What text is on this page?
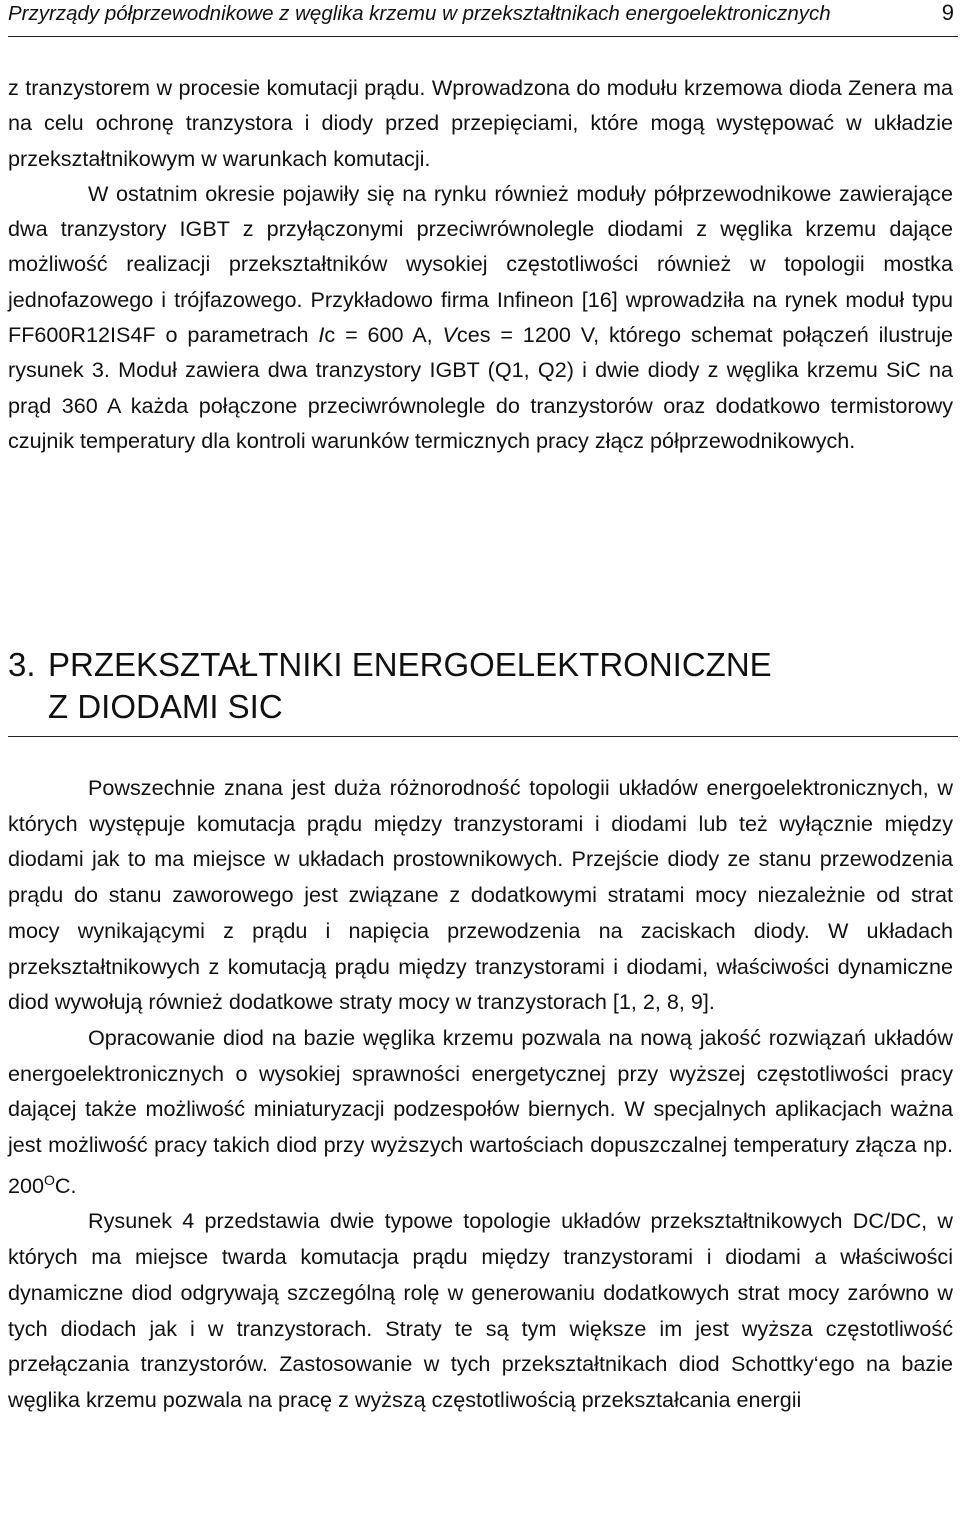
Przyrządy półprzewodnikowe z węglika krzemu w przekształtnikach energoelektronicznych	9

z tranzystorem w procesie komutacji prądu. Wprowadzona do modułu krzemowa dioda Zenera ma na celu ochronę tranzystora i diody przed przepięciami, które mogą występować w układzie przekształtnikowym w warunkach komutacji.

W ostatnim okresie pojawiły się na rynku również moduły półprzewodnikowe zawierające dwa tranzystory IGBT z przyłączonymi przeciwrównolegle diodami z węglika krzemu dające możliwość realizacji przekształtników wysokiej częstotliwości również w topologii mostka jednofazowego i trójfazowego. Przykładowo firma Infineon [16] wprowadziła na rynek moduł typu FF600R12IS4F o parametrach Ic = 600 A, Vces = 1200 V, którego schemat połączeń ilustruje rysunek 3. Moduł zawiera dwa tranzystory IGBT (Q1, Q2) i dwie diody z węglika krzemu SiC na prąd 360 A każda połączone przeciwrównolegle do tranzystorów oraz dodatkowo termistorowy czujnik temperatury dla kontroli warunków termicznych pracy złącz półprzewodnikowych.

3. PRZEKSZTAŁTNIKI ENERGOELEKTRONICZNE
Z DIODAMI SIC

Powszechnie znana jest duża różnorodność topologii układów energoelektronicznych, w których występuje komutacja prądu między tranzystorami i diodami lub też wyłącznie między diodami jak to ma miejsce w układach prostownikowych. Przejście diody ze stanu przewodzenia prądu do stanu zaworowego jest związane z dodatkowymi stratami mocy niezależnie od strat mocy wynikającymi z prądu i napięcia przewodzenia na zaciskach diody. W układach przekształtnikowych z komutacją prądu między tranzystorami i diodami, właściwości dynamiczne diod wywołują również dodatkowe straty mocy w tranzystorach [1, 2, 8, 9].

Opracowanie diod na bazie węglika krzemu pozwala na nową jakość rozwiązań układów energoelektronicznych o wysokiej sprawności energetycznej przy wyższej częstotliwości pracy dającej także możliwość miniaturyzacji podzespołów biernych. W specjalnych aplikacjach ważna jest możliwość pracy takich diod przy wyższych wartościach dopuszczalnej temperatury złącza np. $200^OC$.

Rysunek 4 przedstawia dwie typowe topologie układów przekształtnikowych DC/DC, w których ma miejsce twarda komutacja prądu między tranzystorami i diodami a właściwości dynamiczne diod odgrywają szczególną rolę w generowaniu dodatkowych strat mocy zarówno w tych diodach jak i w tranzystorach. Straty te są tym większe im jest wyższa częstotliwość przełączania tranzystorów. Zastosowanie w tych przekształtnikach diod Schottky‘ego na bazie węglika krzemu pozwala na pracę z wyższą częstotliwością przekształcania energii
